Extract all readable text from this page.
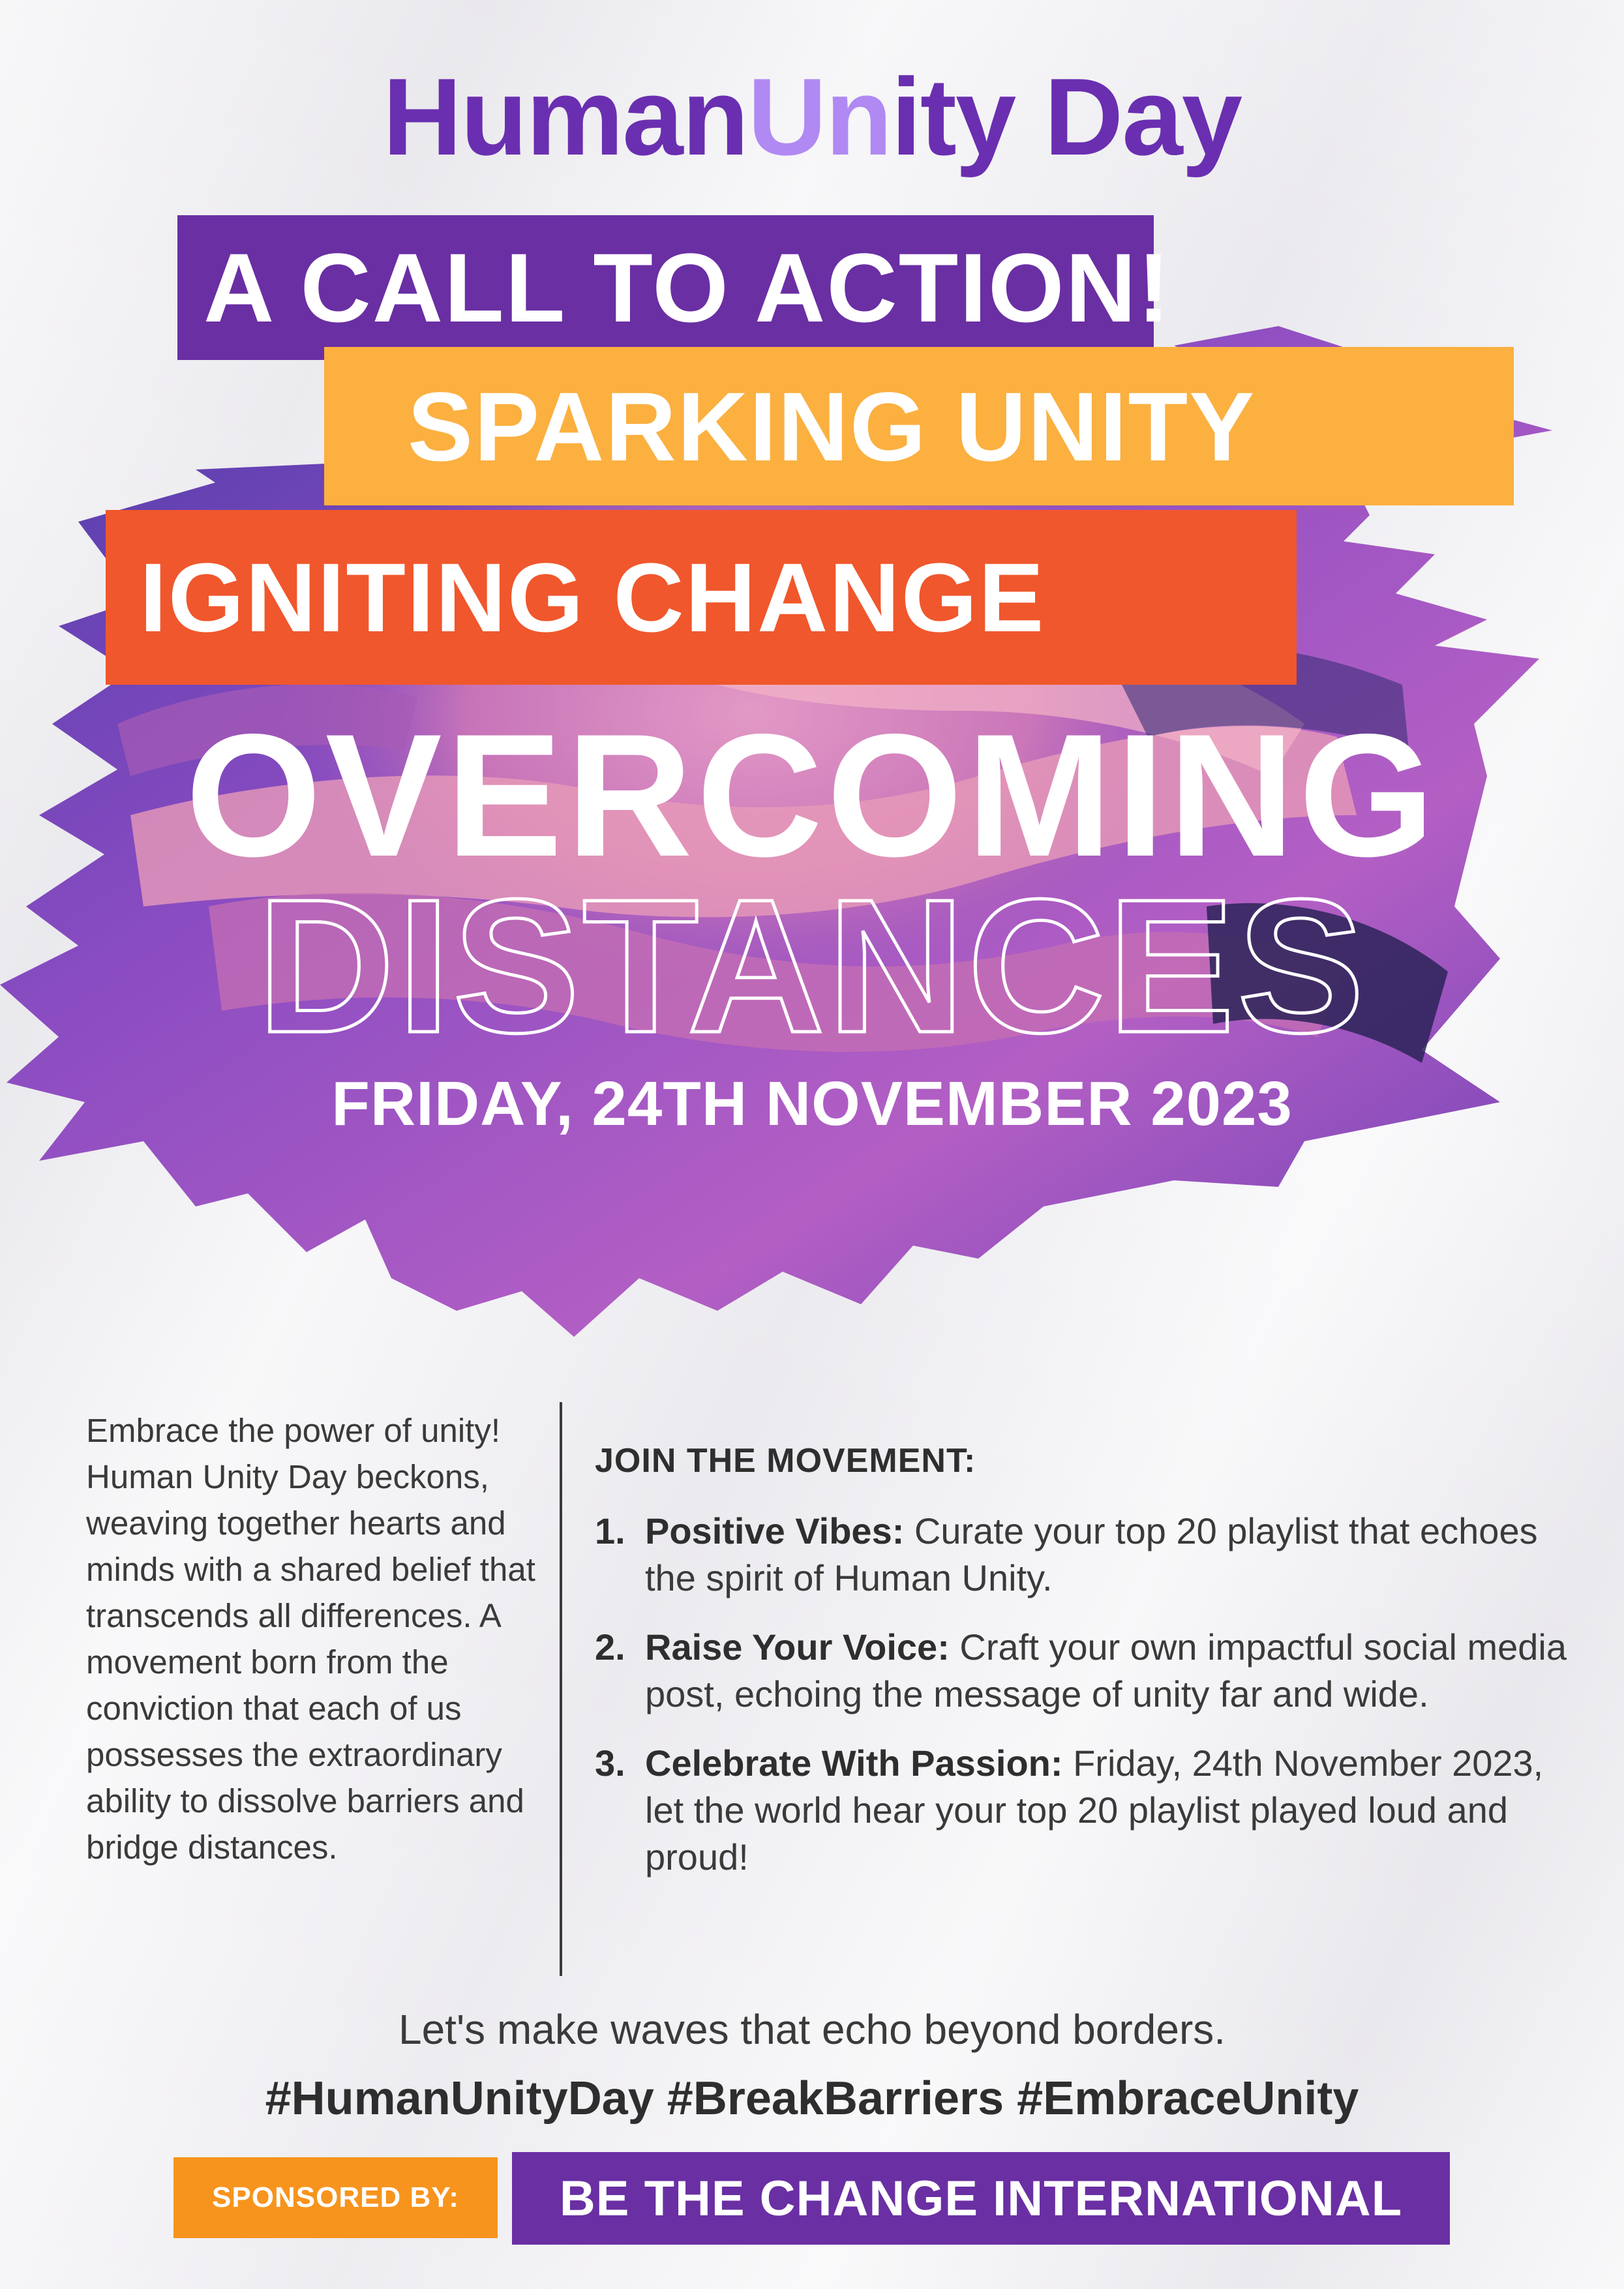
HumanUnity Day
A CALL TO ACTION!
SPARKING UNITY
IGNITING CHANGE
OVERCOMING
DISTANCES
FRIDAY, 24TH NOVEMBER 2023
Embrace the power of unity! Human Unity Day beckons, weaving together hearts and minds with a shared belief that transcends all differences. A movement born from the conviction that each of us possesses the extraordinary ability to dissolve barriers and bridge distances.
JOIN THE MOVEMENT:
1. Positive Vibes: Curate your top 20 playlist that echoes the spirit of Human Unity.
2. Raise Your Voice: Craft your own impactful social media post, echoing the message of unity far and wide.
3. Celebrate With Passion: Friday, 24th November 2023, let the world hear your top 20 playlist played loud and proud!
Let's make waves that echo beyond borders.
#HumanUnityDay #BreakBarriers #EmbraceUnity
SPONSORED BY:	BE THE CHANGE INTERNATIONAL
